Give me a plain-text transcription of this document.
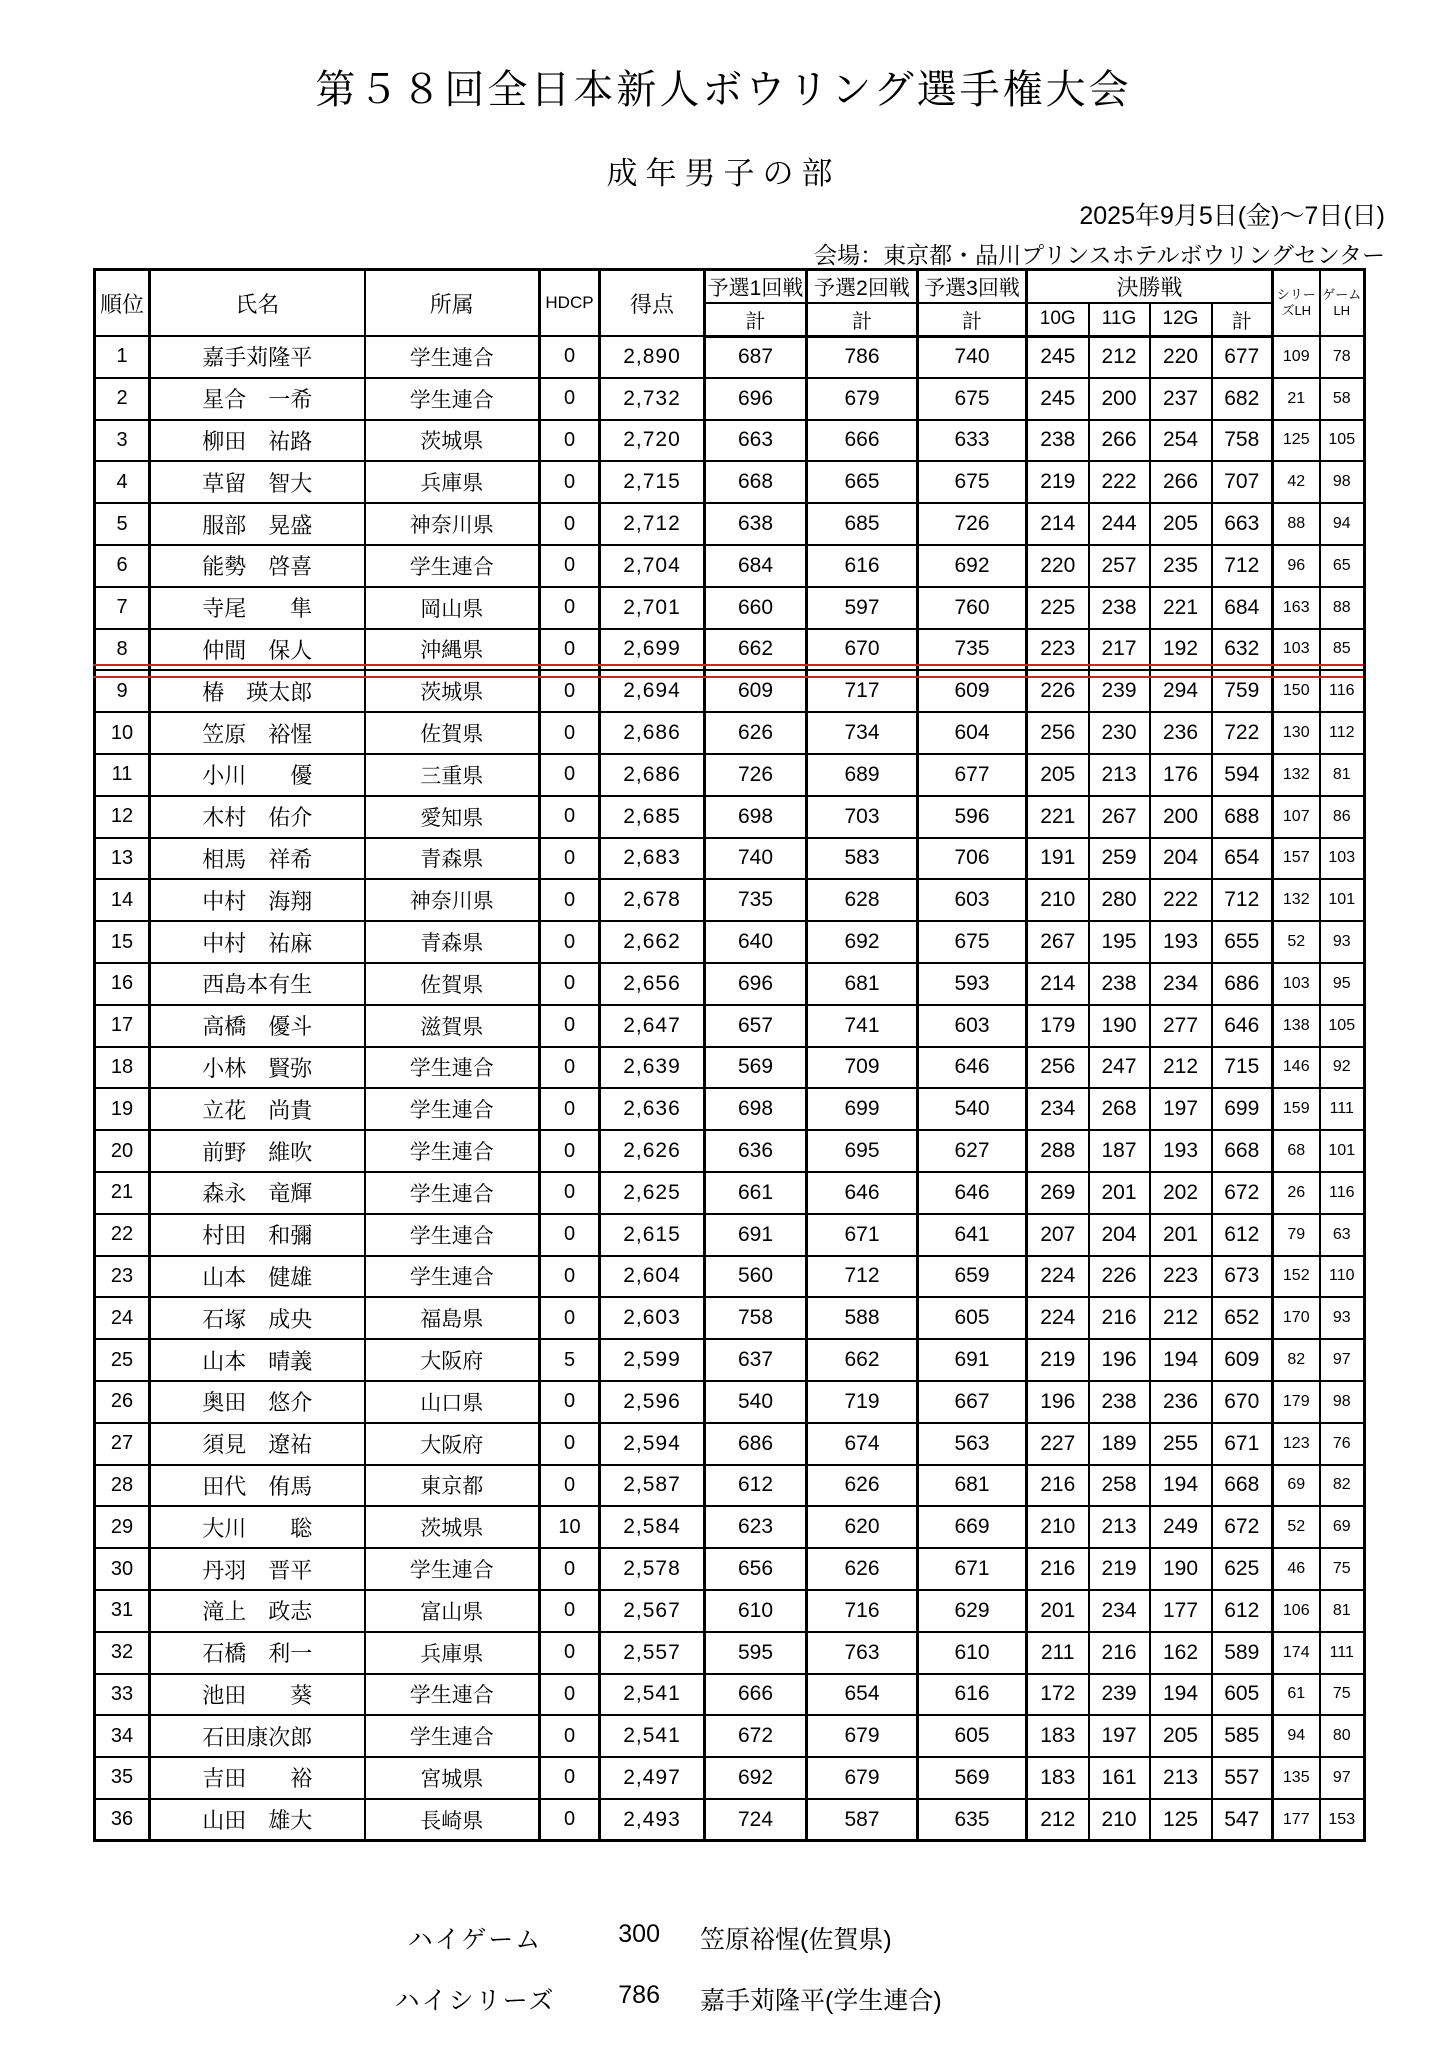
第５８回全日本新人ボウリング選手権大会
成年男子の部
2025年9月5日(金)～7日(日)
会場：東京都・品川プリンスホテルボウリングセンター
順位	氏名	所属	HDCP	得点	予選1回戦	予選2回戦	予選3回戦	決勝戦				シリーズLH	ゲームLH
					計	計	計	10G	11G	12G	計		
1	嘉手苅隆平	学生連合	0	2,890	687	786	740	245	212	220	677	109	78
2	星合　一希	学生連合	0	2,732	696	679	675	245	200	237	682	21	58
3	柳田　祐路	茨城県	0	2,720	663	666	633	238	266	254	758	125	105
4	草留　智大	兵庫県	0	2,715	668	665	675	219	222	266	707	42	98
5	服部　晃盛	神奈川県	0	2,712	638	685	726	214	244	205	663	88	94
6	能勢　啓喜	学生連合	0	2,704	684	616	692	220	257	235	712	96	65
7	寺尾　　隼	岡山県	0	2,701	660	597	760	225	238	221	684	163	88
8	仲間　保人	沖縄県	0	2,699	662	670	735	223	217	192	632	103	85
9	椿　瑛太郎	茨城県	0	2,694	609	717	609	226	239	294	759	150	116
10	笠原　裕惺	佐賀県	0	2,686	626	734	604	256	230	236	722	130	112
11	小川　　優	三重県	0	2,686	726	689	677	205	213	176	594	132	81
12	木村　佑介	愛知県	0	2,685	698	703	596	221	267	200	688	107	86
13	相馬　祥希	青森県	0	2,683	740	583	706	191	259	204	654	157	103
14	中村　海翔	神奈川県	0	2,678	735	628	603	210	280	222	712	132	101
15	中村　祐麻	青森県	0	2,662	640	692	675	267	195	193	655	52	93
16	西島本有生	佐賀県	0	2,656	696	681	593	214	238	234	686	103	95
17	高橋　優斗	滋賀県	0	2,647	657	741	603	179	190	277	646	138	105
18	小林　賢弥	学生連合	0	2,639	569	709	646	256	247	212	715	146	92
19	立花　尚貴	学生連合	0	2,636	698	699	540	234	268	197	699	159	111
20	前野　維吹	学生連合	0	2,626	636	695	627	288	187	193	668	68	101
21	森永　竜輝	学生連合	0	2,625	661	646	646	269	201	202	672	26	116
22	村田　和彌	学生連合	0	2,615	691	671	641	207	204	201	612	79	63
23	山本　健雄	学生連合	0	2,604	560	712	659	224	226	223	673	152	110
24	石塚　成央	福島県	0	2,603	758	588	605	224	216	212	652	170	93
25	山本　晴義	大阪府	5	2,599	637	662	691	219	196	194	609	82	97
26	奥田　悠介	山口県	0	2,596	540	719	667	196	238	236	670	179	98
27	須見　遼祐	大阪府	0	2,594	686	674	563	227	189	255	671	123	76
28	田代　侑馬	東京都	0	2,587	612	626	681	216	258	194	668	69	82
29	大川　　聡	茨城県	10	2,584	623	620	669	210	213	249	672	52	69
30	丹羽　晋平	学生連合	0	2,578	656	626	671	216	219	190	625	46	75
31	滝上　政志	富山県	0	2,567	610	716	629	201	234	177	612	106	81
32	石橋　利一	兵庫県	0	2,557	595	763	610	211	216	162	589	174	111
33	池田　　葵	学生連合	0	2,541	666	654	616	172	239	194	605	61	75
34	石田康次郎	学生連合	0	2,541	672	679	605	183	197	205	585	94	80
35	吉田　　裕	宮城県	0	2,497	692	679	569	183	161	213	557	135	97
36	山田　雄大	長崎県	0	2,493	724	587	635	212	210	125	547	177	153
ハイゲーム	300 笠原裕惺(佐賀県)
ハイシリーズ	786 嘉手苅隆平(学生連合)
